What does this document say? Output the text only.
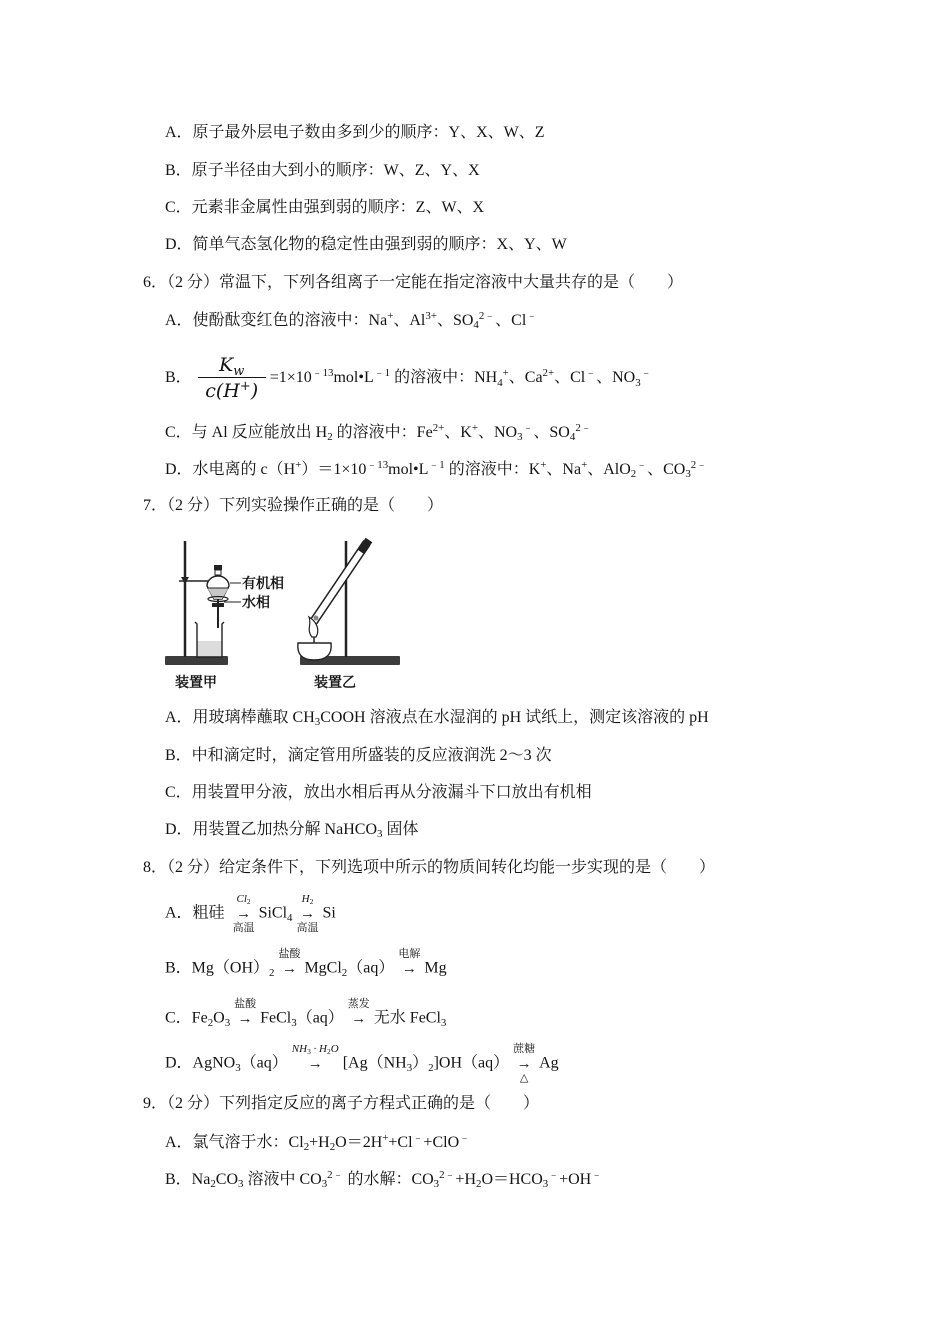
A．原子最外层电子数由多到少的顺序：Y、X、W、Z
B．原子半径由大到小的顺序：W、Z、Y、X
C．元素非金属性由强到弱的顺序：Z、W、X
D．简单气态氢化物的稳定性由强到弱的顺序：X、Y、W
6．（2 分）常温下，下列各组离子一定能在指定溶液中大量共存的是（　　）
A．使酚酞变红色的溶液中：Na+、$Al^{3+}$、$SO_4^{2﹣}$、Cl﹣
B． $\frac{K_w}{c(H^+)}$ $=1\times 10^{﹣13}mol•L^{﹣1}$ 的溶液中：$NH_4^+$、$Ca^{2+}$、Cl﹣、$NO_3^﹣$
C．与 Al 反应能放出 $H_2$ 的溶液中：$Fe^{2+}$、K+、$NO_3^﹣$、$SO_4^{2﹣}$
D．水电离的 $c(H^+)=1\times 10^{﹣13}mol•L^{﹣1}$ 的溶液中：K+、Na+、AlO$_2$﹣、$CO_3^{2﹣}$
7．（2 分）下列实验操作正确的是（　　）
有机相
水相
装置甲	装置乙
A．用玻璃棒蘸取 $CH_3COOH$ 溶液点在水湿润的 pH 试纸上，测定该溶液的 pH
B．中和滴定时，滴定管用所盛装的反应液润洗 2～3 次
C．用装置甲分液，放出水相后再从分液漏斗下口放出有机相
D．用装置乙加热分解 NaHCO$_3$ 固体
8．（2 分）给定条件下，下列选项中所示的物质间转化均能一步实现的是（　　）
A．粗硅
$Cl_2$
→
高温
SiCl$_4$
$H_2$
→
高温
Si
B．$Mg(OH)_2$
盐酸
→ MgCl$_2$（aq）
电解
→ Mg
C．$Fe_2O_3$
盐酸
→ FeCl$_3$（aq）
蒸发
→ 无水 FeCl$_3$
D．AgNO$_3$（aq）
$NH_3 \cdot H_2O$
→ $[Ag(NH_3)_2]OH(aq)$
蔗糖
→
△
Ag
9．（2 分）下列指定反应的离子方程式正确的是（　　）
A．氯气溶于水：$Cl_2+H_2O=2H^++Cl^﹣+ClO^﹣$
B．$Na_2CO_3$ 溶液中 $CO_3^{2﹣}$ 的水解：$CO_3^{2﹣}+H_2O=HCO_3^﹣+OH^﹣$
